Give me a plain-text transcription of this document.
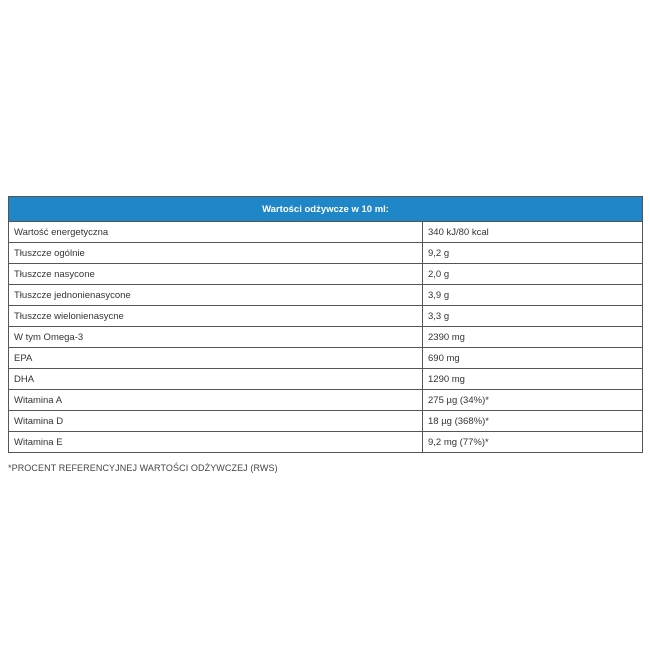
Wartości odżywcze w 10 ml:	
Wartość energetyczna	340 kJ/80 kcal
Tłuszcze ogólnie	9,2 g
Tłuszcze nasycone	2,0 g
Tłuszcze jednonienasycone	3,9 g
Tłuszcze wielonienasycne	3,3 g
W tym Omega-3	2390 mg
EPA	690 mg
DHA	1290 mg
Witamina A	275 µg (34%)*
Witamina D	18 µg (368%)*
Witamina E	9,2 mg (77%)*
*PROCENT REFERENCYJNEJ WARTOŚCI ODŻYWCZEJ (RWS)
